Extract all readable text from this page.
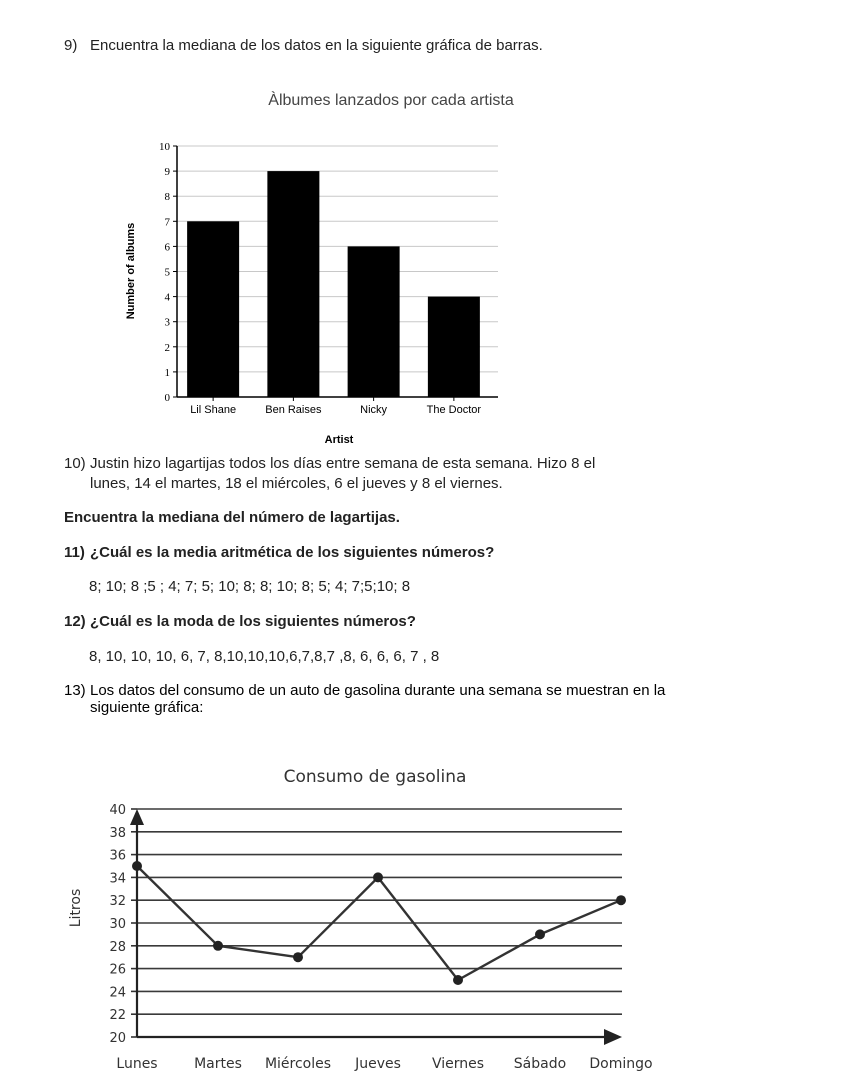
9) Encuentra la mediana de los datos en la siguiente gráfica de barras.
Àlbumes lanzados por cada artista
0
1
2
3
4
5
6
7
8
9
10
Lil Shane	Ben Raises	Nicky	The Doctor
Artist
Number of albums
10) Justin hizo lagartijas todos los días entre semana de esta semana. Hizo 8 el
lunes, 14 el martes, 18 el miércoles, 6 el jueves y 8 el viernes.
Encuentra la mediana del número de lagartijas.
11) ¿Cuál es la media aritmética de los siguientes números?
8; 10; 8 ;5 ; 4; 7; 5; 10; 8; 8; 10; 8; 5; 4; 7;5;10; 8
12) ¿Cuál es la moda de los siguientes números?
8, 10, 10, 10, 6, 7, 8,10,10,10,6,7,8,7 ,8, 6, 6, 6, 7 , 8
13) Los datos del consumo de un auto de gasolina durante una semana se muestran en la
siguiente gráfica:
Consumo de gasolina
20
22
24
26
28
30
32
34
36
38
40
Lunes	Martes Miércoles Jueves Viernes Sábado Domingo
Litros
